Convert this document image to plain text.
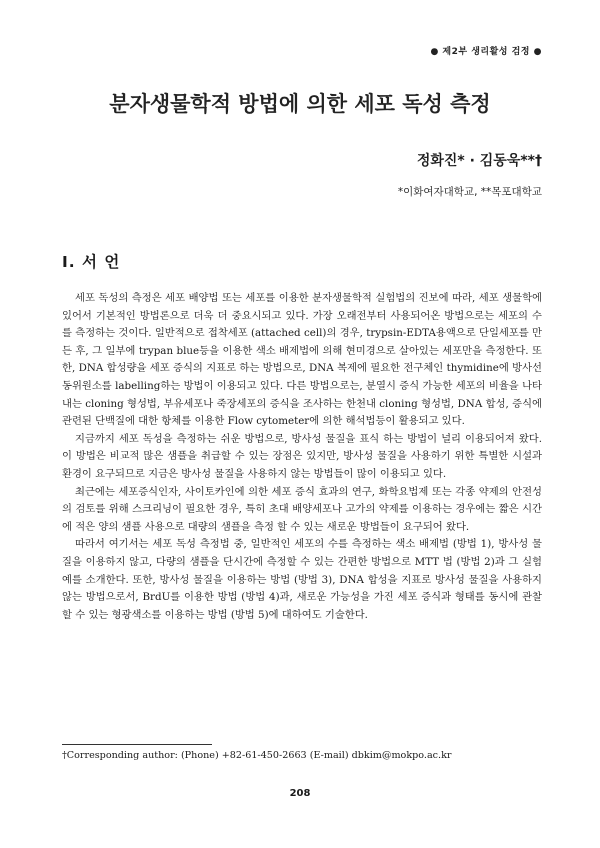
● 제2부 생리활성 검정 ●
분자생물학적 방법에 의한 세포 독성 측정
정화진* · 김동욱**†
*이화여자대학교, **목포대학교
I. 서 언

세포 독성의 측정은 세포 배양법 또는 세포를 이용한 분자생물학적 실험법의 진보에 따라, 세포 생물학에 있어서 기본적인 방법론으로 더욱 더 중요시되고 있다. 가장 오래전부터 사용되어온 방법으로는 세포의 수를 측정하는 것이다. 일반적으로 접착세포 (attached cell)의 경우, trypsin-EDTA용액으로 단일세포를 만든 후, 그 일부에 trypan blue등을 이용한 색소 배제법에 의해 현미경으로 살아있는 세포만을 측정한다. 또한, DNA 합성량을 세포 증식의 지표로 하는 방법으로, DNA 복제에 필요한 전구체인 thymidine에 방사선 동위원소를 labelling하는 방법이 이용되고 있다. 다른 방법으로는, 분열시 증식 가능한 세포의 비율을 나타내는 cloning 형성법, 부유세포나 죽장세포의 증식을 조사하는 한천내 cloning 형성법, DNA 합성, 증식에 관련된 단백질에 대한 항체를 이용한 Flow cytometer에 의한 해석법등이 활용되고 있다.

지금까지 세포 독성을 측정하는 쉬운 방법으로, 방사성 물질을 표식 하는 방법이 널리 이용되어져 왔다. 이 방법은 비교적 많은 샘플을 취급할 수 있는 장점은 있지만, 방사성 물질을 사용하기 위한 특별한 시설과 환경이 요구되므로 지금은 방사성 물질을 사용하지 않는 방법들이 많이 이용되고 있다.

최근에는 세포증식인자, 사이토카인에 의한 세포 증식 효과의 연구, 화학요법제 또는 각종 약제의 안전성의 검토를 위해 스크리닝이 필요한 경우, 특히 초대 배양세포나 고가의 약제를 이용하는 경우에는 짧은 시간에 적은 양의 샘플 사용으로 대량의 샘플을 측정 할 수 있는 새로운 방법들이 요구되어 왔다.

따라서 여기서는 세포 독성 측정법 중, 일반적인 세포의 수를 측정하는 색소 배제법 (방법 1), 방사성 물질을 이용하지 않고, 다량의 샘플을 단시간에 측정할 수 있는 간편한 방법으로 MTT 법 (방법 2)과 그 실험 예를 소개한다. 또한, 방사성 물질을 이용하는 방법 (방법 3), DNA 합성을 지표로 방사성 물질을 사용하지 않는 방법으로서, BrdU를 이용한 방법 (방법 4)과, 새로운 가능성을 가진 세포 증식과 형태를 동시에 관찰할 수 있는 형광색소를 이용하는 방법 (방법 5)에 대하여도 기술한다.

†Corresponding author: (Phone) +82-61-450-2663 (E-mail) dbkim@mokpo.ac.kr
208
